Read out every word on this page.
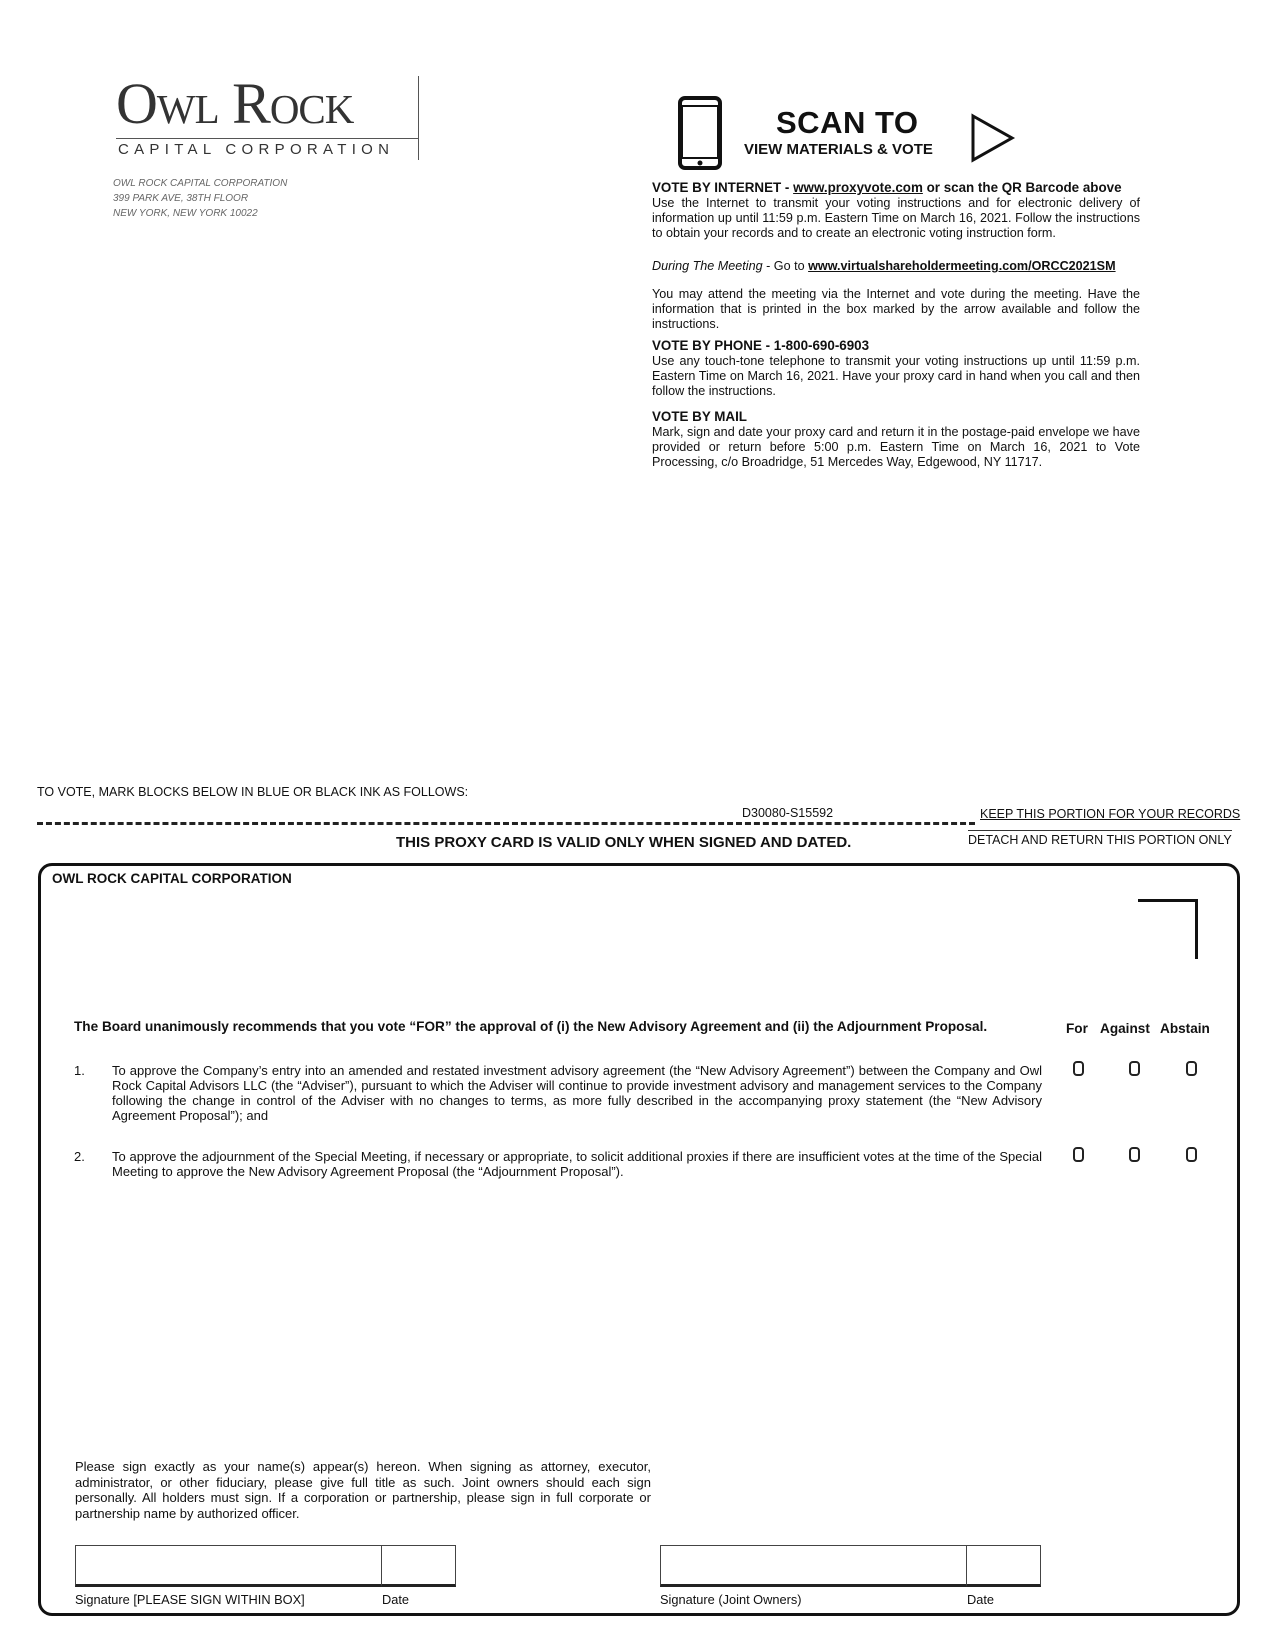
Owl Rock
CAPITAL CORPORATION
OWL ROCK CAPITAL CORPORATION
399 PARK AVE, 38TH FLOOR
NEW YORK, NEW YORK 10022
SCAN TO
VIEW MATERIALS & VOTE
VOTE BY INTERNET - www.proxyvote.com or scan the QR Barcode above
Use the Internet to transmit your voting instructions and for electronic delivery of information up until 11:59 p.m. Eastern Time on March 16, 2021. Follow the instructions to obtain your records and to create an electronic voting instruction form.
During The Meeting - Go to www.virtualshareholdermeeting.com/ORCC2021SM
You may attend the meeting via the Internet and vote during the meeting. Have the information that is printed in the box marked by the arrow available and follow the instructions.
VOTE BY PHONE - 1-800-690-6903
Use any touch-tone telephone to transmit your voting instructions up until 11:59 p.m. Eastern Time on March 16, 2021. Have your proxy card in hand when you call and then follow the instructions.
VOTE BY MAIL
Mark, sign and date your proxy card and return it in the postage-paid envelope we have provided or return before 5:00 p.m. Eastern Time on March 16, 2021 to Vote Processing, c/o Broadridge, 51 Mercedes Way, Edgewood, NY 11717.
TO VOTE, MARK BLOCKS BELOW IN BLUE OR BLACK INK AS FOLLOWS:
D30080-S15592	KEEP THIS PORTION FOR YOUR RECORDS
DETACH AND RETURN THIS PORTION ONLY
THIS PROXY CARD IS VALID ONLY WHEN SIGNED AND DATED.
OWL ROCK CAPITAL CORPORATION
The Board unanimously recommends that you vote “FOR” the approval of (i) the New Advisory Agreement and (ii) the Adjournment Proposal.	For Against Abstain
1. To approve the Company’s entry into an amended and restated investment advisory agreement (the “New Advisory Agreement”) between the Company and Owl Rock Capital Advisors LLC (the “Adviser”), pursuant to which the Adviser will continue to provide investment advisory and management services to the Company following the change in control of the Adviser with no changes to terms, as more fully described in the accompanying proxy statement (the “New Advisory Agreement Proposal”); and
2. To approve the adjournment of the Special Meeting, if necessary or appropriate, to solicit additional proxies if there are insufficient votes at the time of the Special Meeting to approve the New Advisory Agreement Proposal (the “Adjournment Proposal”).
Please sign exactly as your name(s) appear(s) hereon. When signing as attorney, executor, administrator, or other fiduciary, please give full title as such. Joint owners should each sign personally. All holders must sign. If a corporation or partnership, please sign in full corporate or partnership name by authorized officer.
Signature [PLEASE SIGN WITHIN BOX]	Date	Signature (Joint Owners)	Date
